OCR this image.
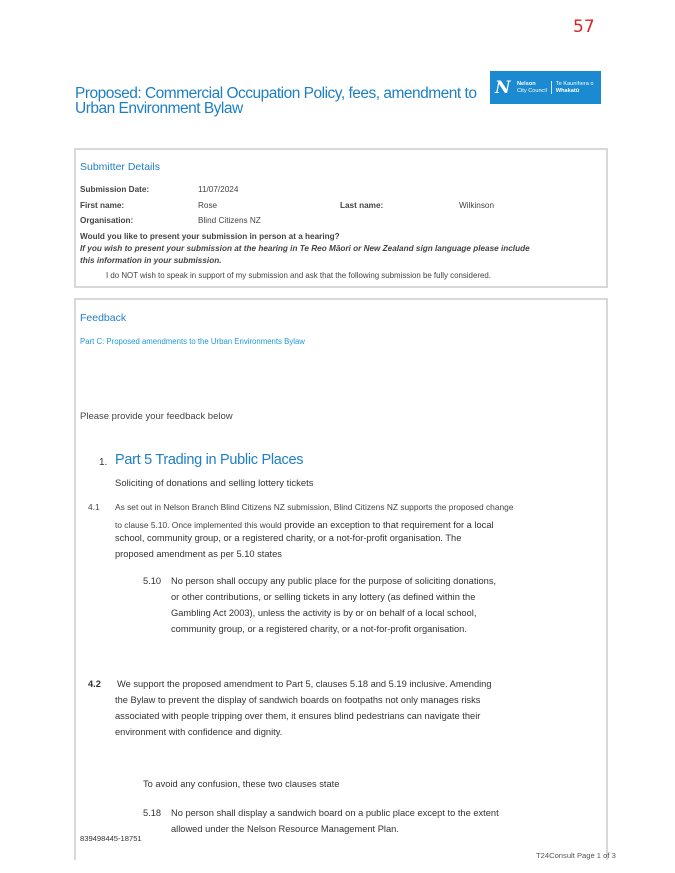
57
Proposed: Commercial Occupation Policy, fees, amendment to Urban Environment Bylaw
N	Nelson
City Council
Te Kaunihera o
Whakatū
Submitter Details
Submission Date:	11/07/2024
First name:	Rose	Last name:	Wilkinson
Organisation:	Blind Citizens NZ
Would you like to present your submission in person at a hearing?
If you wish to present your submission at the hearing in Te Reo Māori or New Zealand sign language please include
this information in your submission.
I do NOT wish to speak in support of my submission and ask that the following submission be fully considered.
Feedback
Part C: Proposed amendments to the Urban Environments Bylaw
Please provide your feedback below
1. Part 5 Trading in Public Places
Soliciting of donations and selling lottery tickets
4.1 As set out in Nelson Branch Blind Citizens NZ submission, Blind Citizens NZ supports the proposed change
to clause 5.10. Once implemented this would provide an exception to that requirement for a local
school, community group, or a registered charity, or a not-for-profit organisation. The
proposed amendment as per 5.10 states
5.10 No person shall occupy any public place for the purpose of soliciting donations,
or other contributions, or selling tickets in any lottery (as defined within the
Gambling Act 2003), unless the activity is by or on behalf of a local school,
community group, or a registered charity, or a not-for-profit organisation.
4.2 We support the proposed amendment to Part 5, clauses 5.18 and 5.19 inclusive. Amending
the Bylaw to prevent the display of sandwich boards on footpaths not only manages risks
associated with people tripping over them, it ensures blind pedestrians can navigate their
environment with confidence and dignity.
To avoid any confusion, these two clauses state
5.18 No person shall display a sandwich board on a public place except to the extent
allowed under the Nelson Resource Management Plan.
839498445-18751
T24Consult Page 1 of 3
